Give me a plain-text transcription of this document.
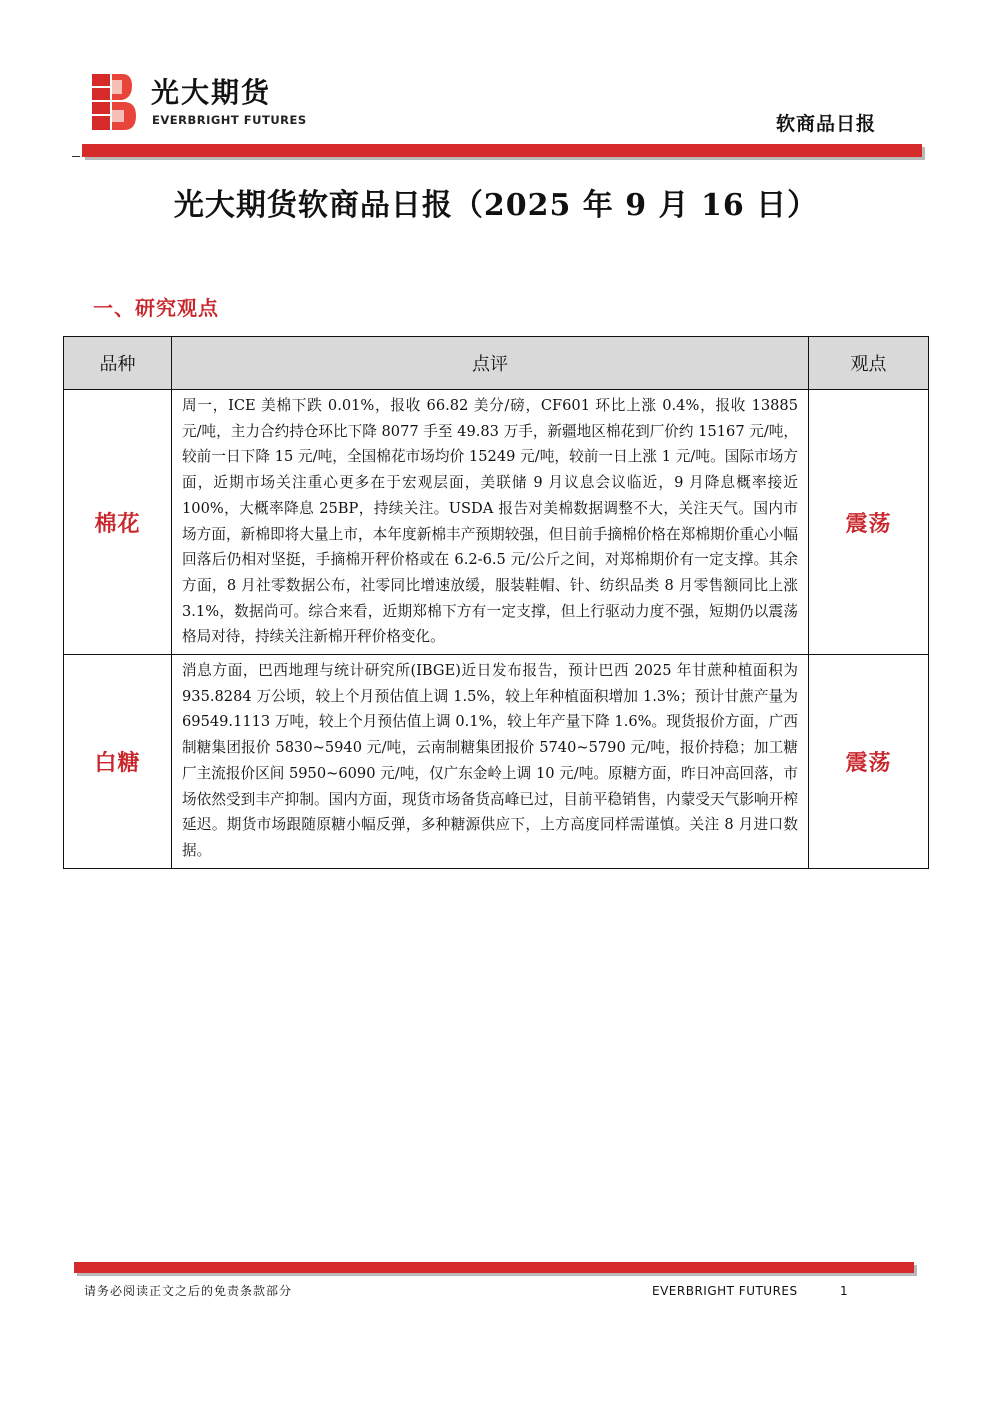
光大期货
EVERBRIGHT FUTURES	软商品日报
光大期货软商品日报（2025 年 9 月 16 日）
一、研究观点
品种	点评	观点
棉花	周一，ICE 美棉下跌 0.01%，报收 66.82 美分/磅，CF601 环比上涨 0.4%，报收 13885 元/吨，主力合约持仓环比下降 8077 手至 49.83 万手，新疆地区棉花到厂价约 15167 元/吨，较前一日下降 15 元/吨，全国棉花市场均价 15249 元/吨，较前一日上涨 1 元/吨。国际市场方面，近期市场关注重心更多在于宏观层面，美联储 9 月议息会议临近，9 月降息概率接近 100%，大概率降息 25BP，持续关注。USDA 报告对美棉数据调整不大，关注天气。国内市场方面，新棉即将大量上市，本年度新棉丰产预期较强，但目前手摘棉价格在郑棉期价重心小幅回落后仍相对坚挺，手摘棉开秤价格或在 6.2-6.5 元/公斤之间，对郑棉期价有一定支撑。其余方面，8 月社零数据公布，社零同比增速放缓，服装鞋帽、针、纺织品类 8 月零售额同比上涨 3.1%，数据尚可。综合来看，近期郑棉下方有一定支撑，但上行驱动力度不强，短期仍以震荡格局对待，持续关注新棉开秤价格变化。	震荡
白糖	消息方面，巴西地理与统计研究所(IBGE)近日发布报告，预计巴西 2025 年甘蔗种植面积为 935.8284 万公顷，较上个月预估值上调 1.5%，较上年种植面积增加 1.3%；预计甘蔗产量为 69549.1113 万吨，较上个月预估值上调 0.1%，较上年产量下降 1.6%。现货报价方面，广西制糖集团报价 5830~5940 元/吨，云南制糖集团报价 5740~5790 元/吨，报价持稳；加工糖厂主流报价区间 5950~6090 元/吨，仅广东金岭上调 10 元/吨。原糖方面，昨日冲高回落，市场依然受到丰产抑制。国内方面，现货市场备货高峰已过，目前平稳销售，内蒙受天气影响开榨延迟。期货市场跟随原糖小幅反弹，多种糖源供应下，上方高度同样需谨慎。关注 8 月进口数据。	震荡
请务必阅读正文之后的免责条款部分	EVERBRIGHT FUTURES	1
